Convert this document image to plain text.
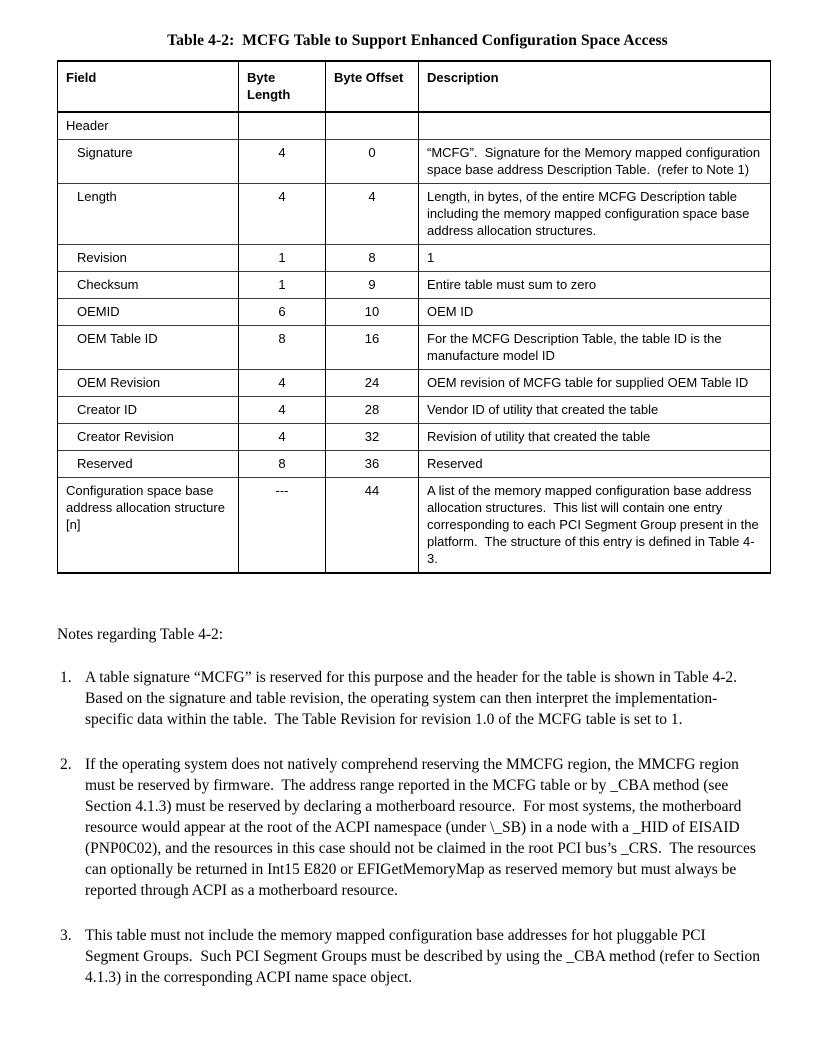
Table 4-2:  MCFG Table to Support Enhanced Configuration Space Access
Field	Byte Length	Byte Offset	Description
Header			
Signature	4	0	“MCFG”.  Signature for the Memory mapped configuration space base address Description Table.  (refer to Note 1)
Length	4	4	Length, in bytes, of the entire MCFG Description table including the memory mapped configuration space base address allocation structures.
Revision	1	8	1
Checksum	1	9	Entire table must sum to zero
OEMID	6	10	OEM ID
OEM Table ID	8	16	For the MCFG Description Table, the table ID is the manufacture model ID
OEM Revision	4	24	OEM revision of MCFG table for supplied OEM Table ID
Creator ID	4	28	Vendor ID of utility that created the table
Creator Revision	4	32	Revision of utility that created the table
Reserved	8	36	Reserved
Configuration space base address allocation structure [n]	---	44	A list of the memory mapped configuration base address allocation structures.  This list will contain one entry corresponding to each PCI Segment Group present in the platform.  The structure of this entry is defined in Table 4-3.
Notes regarding Table 4-2:
1. A table signature “MCFG” is reserved for this purpose and the header for the table is shown in Table 4-2.  Based on the signature and table revision, the operating system can then interpret the implementation-specific data within the table.  The Table Revision for revision 1.0 of the MCFG table is set to 1.
2. If the operating system does not natively comprehend reserving the MMCFG region, the MMCFG region must be reserved by firmware.  The address range reported in the MCFG table or by _CBA method (see Section 4.1.3) must be reserved by declaring a motherboard resource.  For most systems, the motherboard resource would appear at the root of the ACPI namespace (under \_SB) in a node with a _HID of EISAID (PNP0C02), and the resources in this case should not be claimed in the root PCI bus’s _CRS.  The resources can optionally be returned in Int15 E820 or EFIGetMemoryMap as reserved memory but must always be reported through ACPI as a motherboard resource.
3. This table must not include the memory mapped configuration base addresses for hot pluggable PCI Segment Groups.  Such PCI Segment Groups must be described by using the _CBA method (refer to Section 4.1.3) in the corresponding ACPI name space object.
